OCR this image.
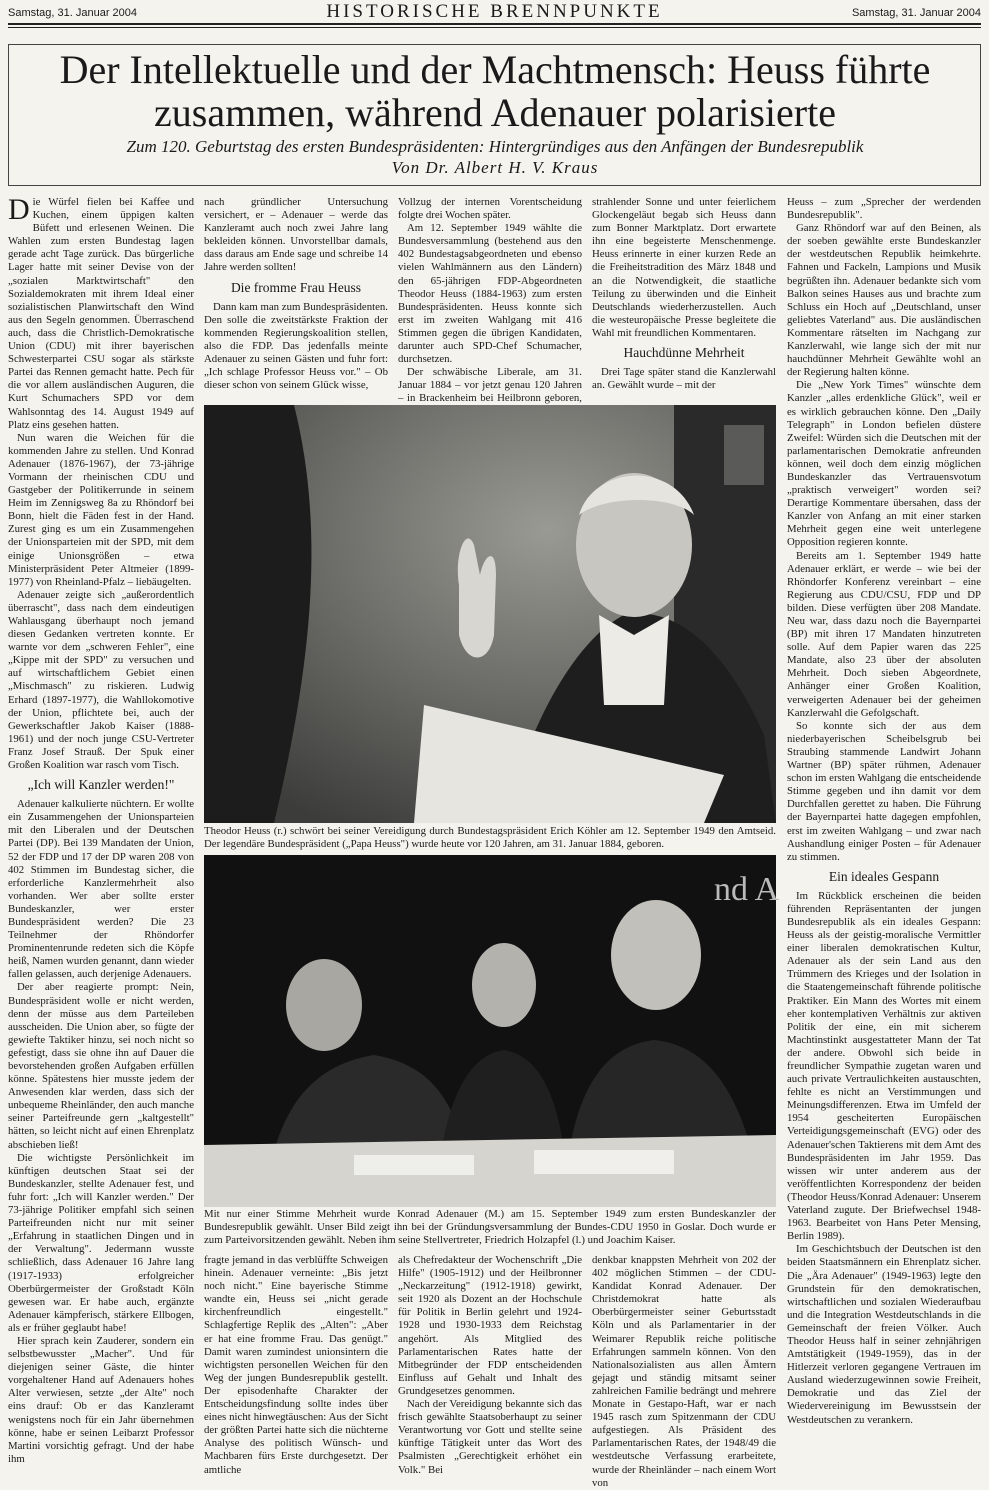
Samstag, 31. Januar 2004	HISTORISCHE BRENNPUNKTE	Samstag, 31. Januar 2004
Der Intellektuelle und der Machtmensch: Heuss führte zusammen, während Adenauer polarisierte
Zum 120. Geburtstag des ersten Bundespräsidenten: Hintergründiges aus den Anfängen der Bundesrepublik
Von Dr. Albert H. V. Kraus

Die Würfel fielen bei Kaffee und Kuchen, einem üppigen kalten Büfett und erlesenen Weinen. Die Wahlen zum ersten Bundestag lagen gerade acht Tage zurück. Das bürgerliche Lager hatte mit seiner Devise von der „sozialen Marktwirtschaft" den Sozialdemokraten mit ihrem Ideal einer sozialistischen Planwirtschaft den Wind aus den Segeln genommen. Überraschend auch, dass die Christlich-Demokratische Union (CDU) mit ihrer bayerischen Schwesterpartei CSU sogar als stärkste Partei das Rennen gemacht hatte. Pech für die vor allem ausländischen Auguren, die Kurt Schumachers SPD vor dem Wahlsonntag des 14. August 1949 auf Platz eins gesehen hatten.

Nun waren die Weichen für die kommenden Jahre zu stellen. Und Konrad Adenauer (1876-1967), der 73-jährige Vormann der rheinischen CDU und Gastgeber der Politikerrunde in seinem Heim im Zennigsweg 8a zu Rhöndorf bei Bonn, hielt die Fäden fest in der Hand. Zurest ging es um ein Zusammengehen der Unionsparteien mit der SPD, mit dem einige Unionsgrößen – etwa Ministerpräsident Peter Altmeier (1899-1977) von Rheinland-Pfalz – liebäugelten.

Adenauer zeigte sich „außerordentlich überrascht", dass nach dem eindeutigen Wahlausgang überhaupt noch jemand diesen Gedanken vertreten konnte. Er warnte vor dem „schweren Fehler", eine „Kippe mit der SPD" zu versuchen und auf wirtschaftlichem Gebiet einen „Mischmasch" zu riskieren. Ludwig Erhard (1897-1977), die Wahllokomotive der Union, pflichtete bei, auch der Gewerkschaftler Jakob Kaiser (1888-1961) und der noch junge CSU-Vertreter Franz Josef Strauß. Der Spuk einer Großen Koalition war rasch vom Tisch.

„Ich will Kanzler werden!"

Adenauer kalkulierte nüchtern. Er wollte ein Zusammengehen der Unionsparteien mit den Liberalen und der Deutschen Partei (DP). Bei 139 Mandaten der Union, 52 der FDP und 17 der DP waren 208 von 402 Stimmen im Bundestag sicher, die erforderliche Kanzlermehrheit also vorhanden. Wer aber sollte erster Bundeskanzler, wer erster Bundespräsident werden? Die 23 Teilnehmer der Rhöndorfer Prominentenrunde redeten sich die Köpfe heiß, Namen wurden genannt, dann wieder fallen gelassen, auch derjenige Adenauers.

Der aber reagierte prompt: Nein, Bundespräsident wolle er nicht werden, denn der müsse aus dem Parteileben ausscheiden. Die Union aber, so fügte der gewiefte Taktiker hinzu, sei noch nicht so gefestigt, dass sie ohne ihn auf Dauer die bevorstehenden großen Aufgaben erfüllen könne. Spätestens hier musste jedem der Anwesenden klar werden, dass sich der unbequeme Rheinländer, den auch manche seiner Parteifreunde gern „kaltgestellt" hätten, so leicht nicht auf einen Ehrenplatz abschieben ließ!

Die wichtigste Persönlichkeit im künftigen deutschen Staat sei der Bundeskanzler, stellte Adenauer fest, und fuhr fort: „Ich will Kanzler werden." Der 73-jährige Politiker empfahl sich seinen Parteifreunden nicht nur mit seiner „Erfahrung in staatlichen Dingen und in der Verwaltung". Jedermann wusste schließlich, dass Adenauer 16 Jahre lang (1917-1933) erfolgreicher Oberbürgermeister der Großstadt Köln gewesen war. Er habe auch, ergänzte Adenauer kämpferisch, stärkere Ellbogen, als er früher geglaubt habe!

Hier sprach kein Zauderer, sondern ein selbstbewusster „Macher". Und für diejenigen seiner Gäste, die hinter vorgehaltener Hand auf Adenauers hohes Alter verwiesen, setzte „der Alte" noch eins drauf: Ob er das Kanzleramt wenigstens noch für ein Jahr übernehmen könne, habe er seinen Leibarzt Professor Martini vorsichtig gefragt. Und der habe ihm

nach gründlicher Untersuchung versichert, er – Adenauer – werde das Kanzleramt auch noch zwei Jahre lang bekleiden können. Unvorstellbar damals, dass daraus am Ende sage und schreibe 14 Jahre werden sollten!

Die fromme Frau Heuss

Dann kam man zum Bundespräsidenten. Den solle die zweitstärkste Fraktion der kommenden Regierungskoalition stellen, also die FDP. Das jedenfalls meinte Adenauer zu seinen Gästen und fuhr fort: „Ich schlage Professor Heuss vor." – Ob dieser schon von seinem Glück wisse,

Vollzug der internen Vorentscheidung folgte drei Wochen später.

Am 12. September 1949 wählte die Bundesversammlung (bestehend aus den 402 Bundestagsabgeordneten und ebenso vielen Wahlmännern aus den Ländern) den 65-jährigen FDP-Abgeordneten Theodor Heuss (1884-1963) zum ersten Bundespräsidenten. Heuss konnte sich erst im zweiten Wahlgang mit 416 Stimmen gegen die übrigen Kandidaten, darunter auch SPD-Chef Schumacher, durchsetzen.

Der schwäbische Liberale, am 31. Januar 1884 – vor jetzt genau 120 Jahren – in Brackenheim bei Heilbronn geboren,

strahlender Sonne und unter feierlichem Glockengeläut begab sich Heuss dann zum Bonner Marktplatz. Dort erwartete ihn eine begeisterte Menschenmenge. Heuss erinnerte in einer kurzen Rede an die Freiheitstradition des März 1848 und an die Notwendigkeit, die staatliche Teilung zu überwinden und die Einheit Deutschlands wiederherzustellen. Auch die westeuropäische Presse begleitete die Wahl mit freundlichen Kommentaren.

Hauchdünne Mehrheit

Drei Tage später stand die Kanzlerwahl an. Gewählt wurde – mit der

Theodor Heuss (r.) schwört bei seiner Vereidigung durch Bundestagspräsident Erich Köhler am 12. September 1949 den Amtseid. Der legendäre Bundespräsident („Papa Heuss") wurde heute vor 120 Jahren, am 31. Januar 1884, geboren.
nd A
Mit nur einer Stimme Mehrheit wurde Konrad Adenauer (M.) am 15. September 1949 zum ersten Bundeskanzler der Bundesrepublik gewählt. Unser Bild zeigt ihn bei der Gründungsversammlung der Bundes-CDU 1950 in Goslar. Doch wurde er zum Parteivorsitzenden gewählt. Neben ihm seine Stellvertreter, Friedrich Holzapfel (l.) und Joachim Kaiser.

fragte jemand in das verblüffte Schweigen hinein. Adenauer verneinte: „Bis jetzt noch nicht." Eine bayerische Stimme wandte ein, Heuss sei „nicht gerade kirchenfreundlich eingestellt." Schlagfertige Replik des „Alten": „Aber er hat eine fromme Frau. Das genügt." Damit waren zumindest unionsintern die wichtigsten personellen Weichen für den Weg der jungen Bundesrepublik gestellt. Der episodenhafte Charakter der Entscheidungsfindung sollte indes über eines nicht hinwegtäuschen: Aus der Sicht der größten Partei hatte sich die nüchterne Analyse des politisch Wünsch- und Machbaren fürs Erste durchgesetzt. Der amtliche

als Chefredakteur der Wochenschrift „Die Hilfe" (1905-1912) und der Heilbronner „Neckarzeitung" (1912-1918) gewirkt, seit 1920 als Dozent an der Hochschule für Politik in Berlin gelehrt und 1924-1928 und 1930-1933 dem Reichstag angehört. Als Mitglied des Parlamentarischen Rates hatte der Mitbegründer der FDP entscheidenden Einfluss auf Gehalt und Inhalt des Grundgesetzes genommen.

Nach der Vereidigung bekannte sich das frisch gewählte Staatsoberhaupt zu seiner Verantwortung vor Gott und stellte seine künftige Tätigkeit unter das Wort des Psalmisten „Gerechtigkeit erhöhet ein Volk." Bei

denkbar knappsten Mehrheit von 202 der 402 möglichen Stimmen – der CDU-Kandidat Konrad Adenauer. Der Christdemokrat hatte als Oberbürgermeister seiner Geburtsstadt Köln und als Parlamentarier in der Weimarer Republik reiche politische Erfahrungen sammeln können. Von den Nationalsozialisten aus allen Ämtern gejagt und ständig mitsamt seiner zahlreichen Familie bedrängt und mehrere Monate in Gestapo-Haft, war er nach 1945 rasch zum Spitzenmann der CDU aufgestiegen. Als Präsident des Parlamentarischen Rates, der 1948/49 die westdeutsche Verfassung erarbeitete, wurde der Rheinländer – nach einem Wort von

Heuss – zum „Sprecher der werdenden Bundesrepublik".

Ganz Rhöndorf war auf den Beinen, als der soeben gewählte erste Bundeskanzler der westdeutschen Republik heimkehrte. Fahnen und Fackeln, Lampions und Musik begrüßten ihn. Adenauer bedankte sich vom Balkon seines Hauses aus und brachte zum Schluss ein Hoch auf „Deutschland, unser geliebtes Vaterland" aus. Die ausländischen Kommentare rätselten im Nachgang zur Kanzlerwahl, wie lange sich der mit nur hauchdünner Mehrheit Gewählte wohl an der Regierung halten könne.

Die „New York Times" wünschte dem Kanzler „alles erdenkliche Glück", weil er es wirklich gebrauchen könne. Den „Daily Telegraph" in London befielen düstere Zweifel: Würden sich die Deutschen mit der parlamentarischen Demokratie anfreunden können, weil doch dem einzig möglichen Bundeskanzler das Vertrauensvotum „praktisch verweigert" worden sei? Derartige Kommentare übersahen, dass der Kanzler von Anfang an mit einer starken Mehrheit gegen eine weit unterlegene Opposition regieren konnte.

Bereits am 1. September 1949 hatte Adenauer erklärt, er werde – wie bei der Rhöndorfer Konferenz vereinbart – eine Regierung aus CDU/CSU, FDP und DP bilden. Diese verfügten über 208 Mandate. Neu war, dass dazu noch die Bayernpartei (BP) mit ihren 17 Mandaten hinzutreten solle. Auf dem Papier waren das 225 Mandate, also 23 über der absoluten Mehrheit. Doch sieben Abgeordnete, Anhänger einer Großen Koalition, verweigerten Adenauer bei der geheimen Kanzlerwahl die Gefolgschaft.

So konnte sich der aus dem niederbayerischen Scheibelsgrub bei Straubing stammende Landwirt Johann Wartner (BP) später rühmen, Adenauer schon im ersten Wahlgang die entscheidende Stimme gegeben und ihn damit vor dem Durchfallen gerettet zu haben. Die Führung der Bayernpartei hatte dagegen empfohlen, erst im zweiten Wahlgang – und zwar nach Aushandlung einiger Posten – für Adenauer zu stimmen.

Ein ideales Gespann

Im Rückblick erscheinen die beiden führenden Repräsentanten der jungen Bundesrepublik als ein ideales Gespann: Heuss als der geistig-moralische Vermittler einer liberalen demokratischen Kultur, Adenauer als der sein Land aus den Trümmern des Krieges und der Isolation in die Staatengemeinschaft führende politische Praktiker. Ein Mann des Wortes mit einem eher kontemplativen Verhältnis zur aktiven Politik der eine, ein mit sicherem Machtinstinkt ausgestatteter Mann der Tat der andere. Obwohl sich beide in freundlicher Sympathie zugetan waren und auch private Vertraulichkeiten austauschten, fehlte es nicht an Verstimmungen und Meinungsdifferenzen. Etwa im Umfeld der 1954 gescheiterten Europäischen Verteidigungsgemeinschaft (EVG) oder des Adenauer'schen Taktierens mit dem Amt des Bundespräsidenten im Jahr 1959. Das wissen wir unter anderem aus der veröffentlichten Korrespondenz der beiden (Theodor Heuss/Konrad Adenauer: Unserem Vaterland zugute. Der Briefwechsel 1948-1963. Bearbeitet von Hans Peter Mensing, Berlin 1989).

Im Geschichtsbuch der Deutschen ist den beiden Staatsmännern ein Ehrenplatz sicher. Die „Ära Adenauer" (1949-1963) legte den Grundstein für den demokratischen, wirtschaftlichen und sozialen Wiederaufbau und die Integration Westdeutschlands in die Gemeinschaft der freien Völker. Auch Theodor Heuss half in seiner zehnjährigen Amtstätigkeit (1949-1959), das in der Hitlerzeit verloren gegangene Vertrauen im Ausland wiederzugewinnen sowie Freiheit, Demokratie und das Ziel der Wiedervereinigung im Bewusstsein der Westdeutschen zu verankern.
